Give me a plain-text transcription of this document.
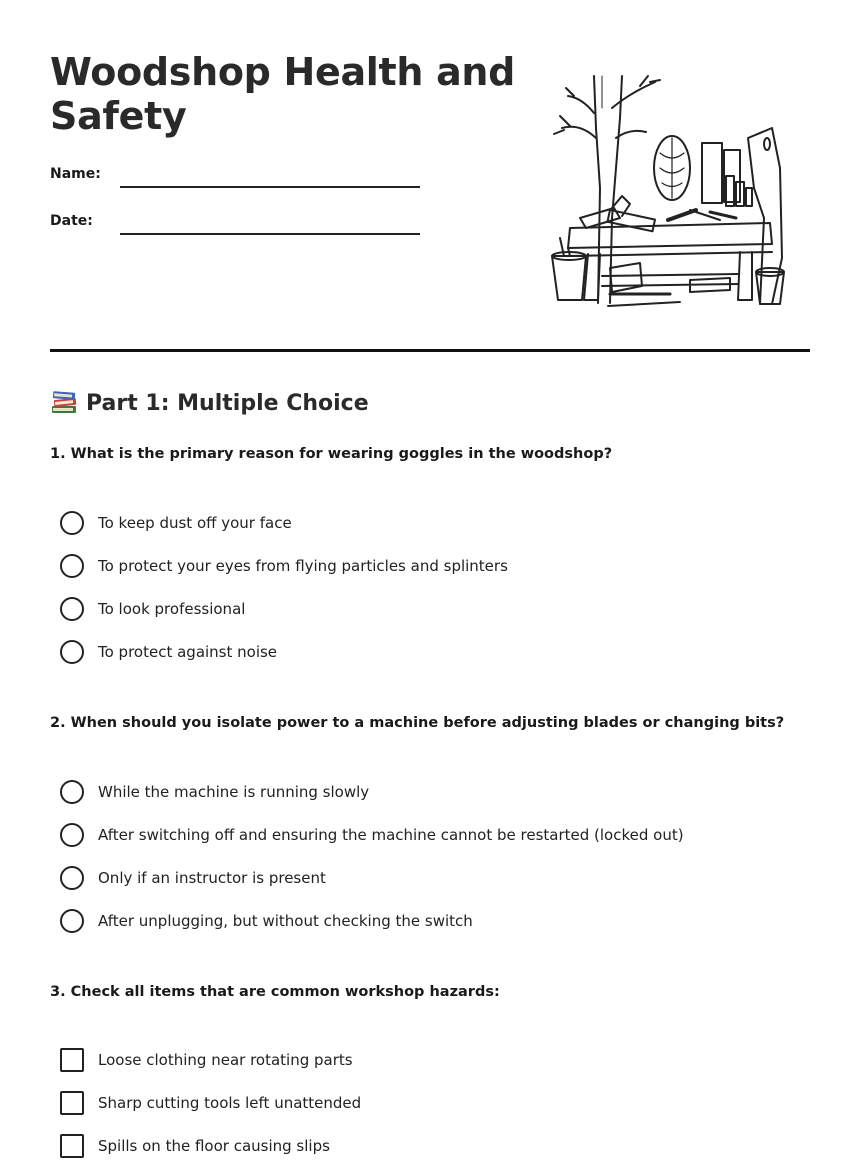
Woodshop Health and Safety
Name:
Date:
Part 1: Multiple Choice

1. What is the primary reason for wearing goggles in the woodshop?

To keep dust off your face
To protect your eyes from flying particles and splinters
To look professional
To protect against noise

2. When should you isolate power to a machine before adjusting blades or changing bits?

While the machine is running slowly
After switching off and ensuring the machine cannot be restarted (locked out)
Only if an instructor is present
After unplugging, but without checking the switch

3. Check all items that are common workshop hazards:

Loose clothing near rotating parts
Sharp cutting tools left unattended
Spills on the floor causing slips
